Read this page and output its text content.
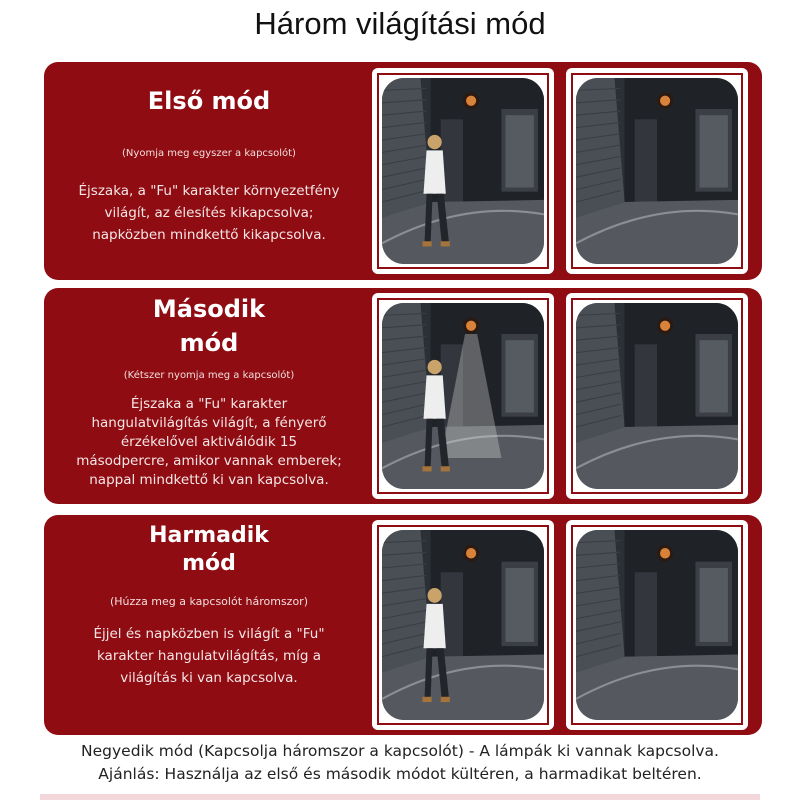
Három világítási mód
Első mód
(Nyomja meg egyszer a kapcsolót)
Éjszaka, a "Fu" karakter környezetfény
világít, az élesítés kikapcsolva;
napközben mindkettő kikapcsolva.
Második
mód
(Kétszer nyomja meg a kapcsolót)
Éjszaka a "Fu" karakter
hangulatvilágítás világít, a fényerő
érzékelővel aktiválódik 15
másodpercre, amikor vannak emberek;
nappal mindkettő ki van kapcsolva.
Harmadik
mód
(Húzza meg a kapcsolót háromszor)
Éjjel és napközben is világít a "Fu"
karakter hangulatvilágítás, míg a
világítás ki van kapcsolva.
Negyedik mód (Kapcsolja háromszor a kapcsolót) - A lámpák ki vannak kapcsolva.
Ajánlás: Használja az első és második módot kültéren, a harmadikat beltéren.
